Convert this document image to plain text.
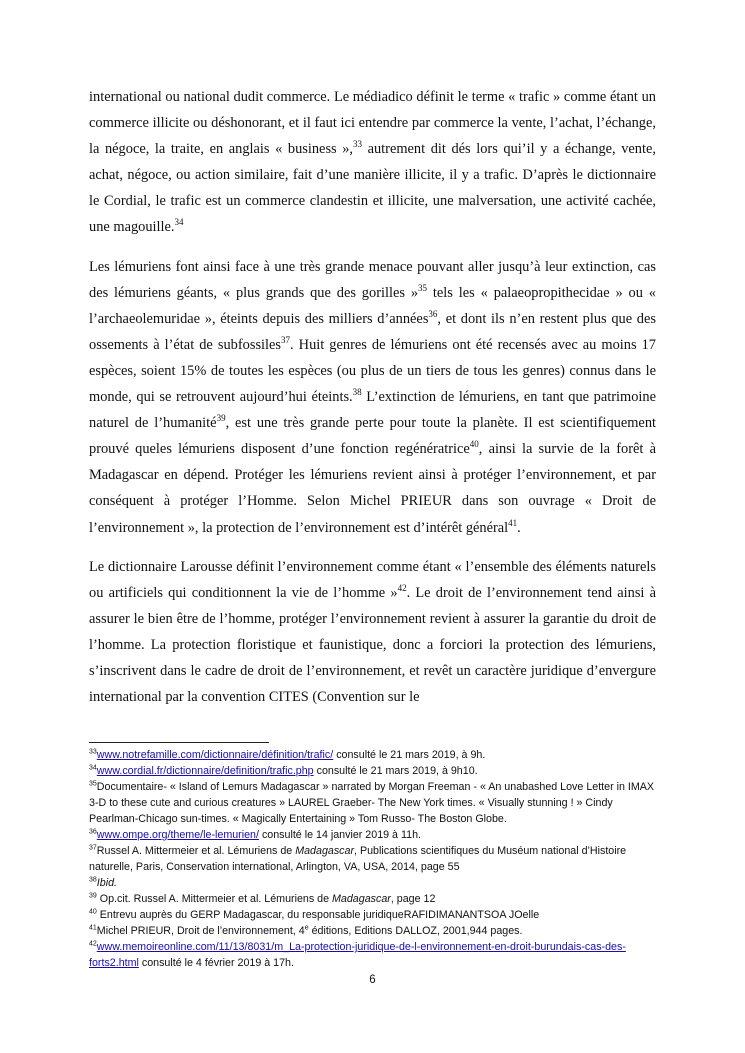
international ou national dudit commerce. Le médiadico définit le terme « trafic » comme étant un commerce illicite ou déshonorant, et il faut ici entendre par commerce la vente, l’achat, l’échange, la négoce, la traite, en anglais « business »,$^{33}$ autrement dit dés lors qui’il y a échange, vente, achat, négoce, ou action similaire, fait d’une manière illicite, il y a trafic. D’après le dictionnaire le Cordial, le trafic est un commerce clandestin et illicite, une malversation, une activité cachée, une magouille.$^{34}$

Les lémuriens font ainsi face à une très grande menace pouvant aller jusqu’à leur extinction, cas des lémuriens géants, « plus grands que des gorilles »$^{35}$ tels les « palaeopropithecidae » ou « l’archaeolemuridae », éteints depuis des milliers d’années$^{36}$, et dont ils n’en restent plus que des ossements à l’état de subfossiles$^{37}$. Huit genres de lémuriens ont été recensés avec au moins 17 espèces, soient 15% de toutes les espèces (ou plus de un tiers de tous les genres) connus dans le monde, qui se retrouvent aujourd’hui éteints.$^{38}$ L’extinction de lémuriens, en tant que patrimoine naturel de l’humanité$^{39}$, est une très grande perte pour toute la planète. Il est scientifiquement prouvé queles lémuriens disposent d’une fonction regénératrice$^{40}$, ainsi la survie de la forêt à Madagascar en dépend. Protéger les lémuriens revient ainsi à protéger l’environnement, et par conséquent à protéger l’Homme. Selon Michel PRIEUR dans son ouvrage « Droit de l’environnement », la protection de l’environnement est d’intérêt général$^{41}$.

Le dictionnaire Larousse définit l’environnement comme étant « l’ensemble des éléments naturels ou artificiels qui conditionnent la vie de l’homme »$^{42}$. Le droit de l’environnement tend ainsi à assurer le bien être de l’homme, protéger l’environnement revient à assurer la garantie du droit de l’homme. La protection floristique et faunistique, donc a forciori la protection des lémuriens, s’inscrivent dans le cadre de droit de l’environnement, et revêt un caractère juridique d’envergure international par la convention CITES (Convention sur le

$^{33}$www.notrefamille.com/dictionnaire/définition/trafic/ consulté le 21 mars 2019, à 9h.
$^{34}$www.cordial.fr/dictionnaire/definition/trafic.php consulté le 21 mars 2019, à 9h10.
$^{35}$Documentaire- « Island of Lemurs Madagascar » narrated by Morgan Freeman - « An unabashed Love Letter in IMAX 3-D to these cute and curious creatures » LAUREL Graeber- The New York times. « Visually stunning ! » Cindy Pearlman-Chicago sun-times. « Magically Entertaining » Tom Russo- The Boston Globe.
$^{36}$www.ompe.org/theme/le-lemurien/ consulté le 14 janvier 2019 à 11h.
$^{37}$Russel A. Mittermeier et al. Lémuriens de Madagascar, Publications scientifiques du Muséum national d’Histoire naturelle, Paris, Conservation international, Arlington, VA, USA, 2014, page 55
$^{38}$Ibid.
$^{39}$ Op.cit. Russel A. Mittermeier et al. Lémuriens de Madagascar, page 12
$^{40}$ Entrevu auprès du GERP Madagascar, du responsable juridiqueRAFIDIMANANTSOA JOelle
$^{41}$Michel PRIEUR, Droit de l’environnement, 4e éditions, Editions DALLOZ, 2001,944 pages.
$^{42}$www.memoireonline.com/11/13/8031/m_La-protection-juridique-de-l-environnement-en-droit-burundais-cas-des-forts2.html consulté le 4 février 2019 à 17h.
6
